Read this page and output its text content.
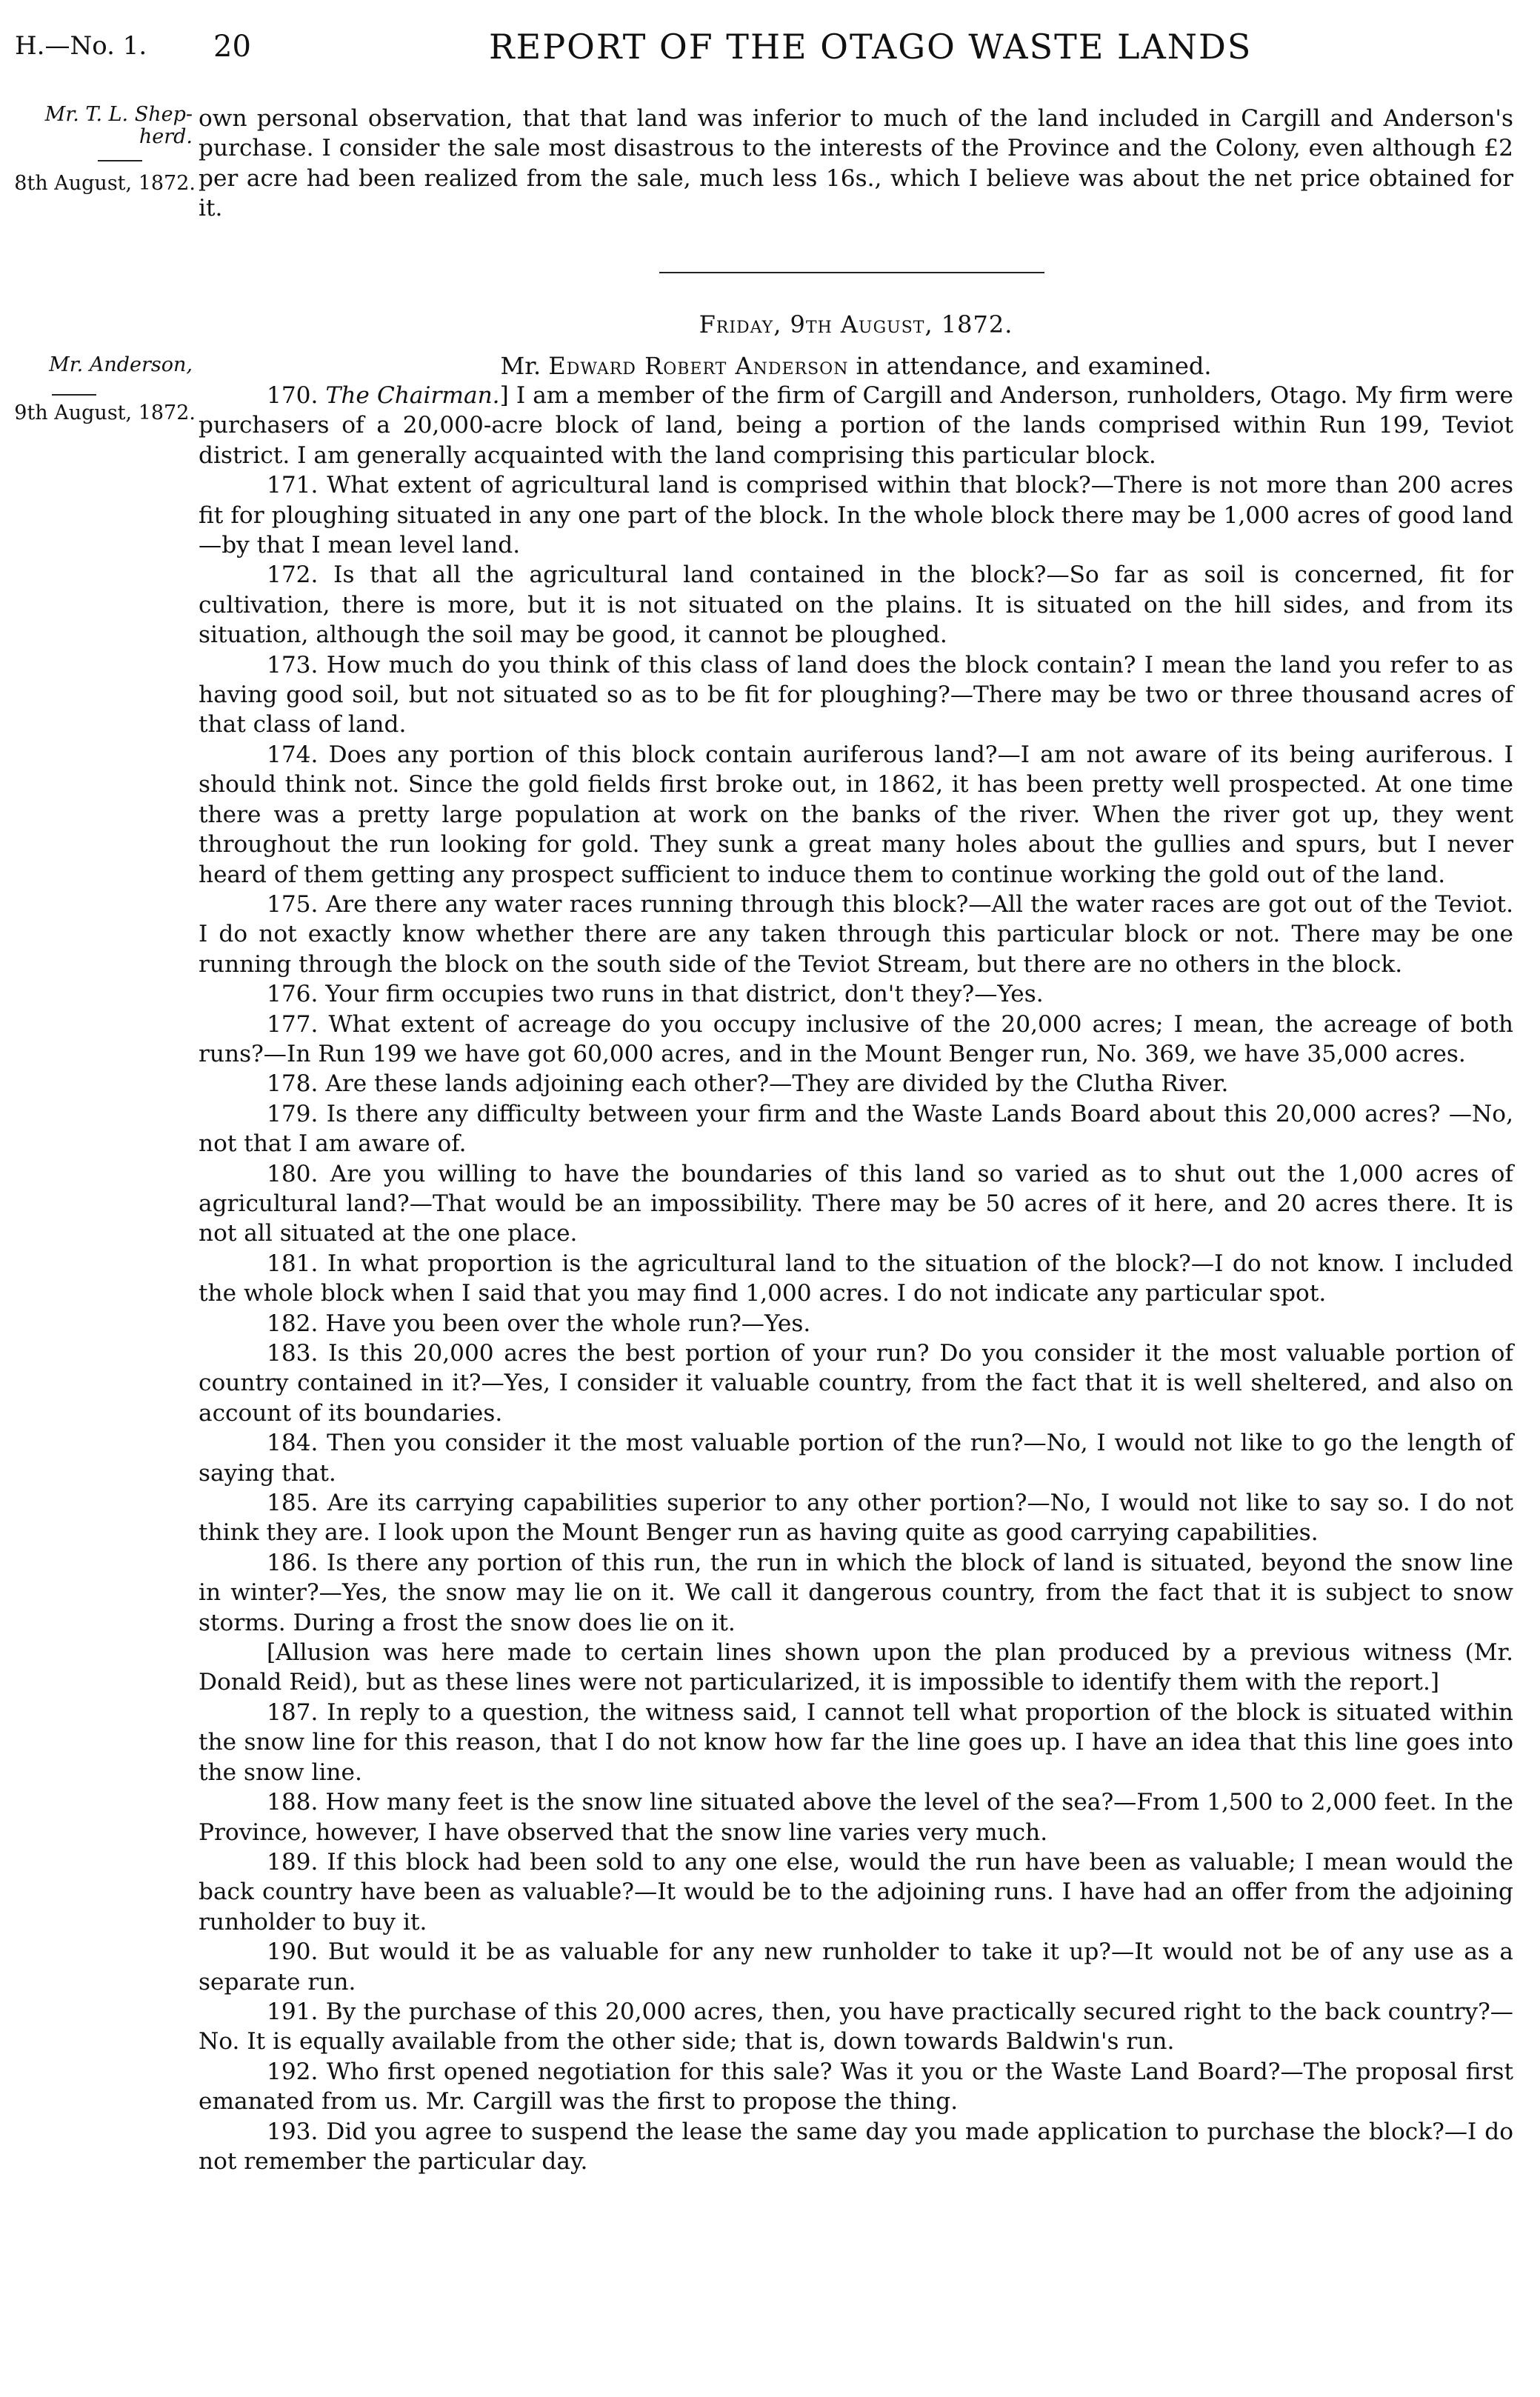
H.—No. 1. 20	REPORT OF THE OTAGO WASTE LANDS
Mr. T. L. Shep-herd.
8th August, 1872.

own personal observation, that that land was inferior to much of the land included in Cargill and Anderson's purchase. I consider the sale most disastrous to the interests of the Province and the Colony, even although £2 per acre had been realized from the sale, much less 16s., which I believe was about the net price obtained for it.

Friday, 9th August, 1872.
Mr. Edward Robert Anderson in attendance, and examined.
Mr. Anderson,
9th August, 1872.

170. The Chairman.] I am a member of the firm of Cargill and Anderson, runholders, Otago. My firm were purchasers of a 20,000-acre block of land, being a portion of the lands comprised within Run 199, Teviot district. I am generally acquainted with the land comprising this particular block.

171. What extent of agricultural land is comprised within that block?—There is not more than 200 acres fit for ploughing situated in any one part of the block. In the whole block there may be 1,000 acres of good land—by that I mean level land.

172. Is that all the agricultural land contained in the block?—So far as soil is concerned, fit for cultivation, there is more, but it is not situated on the plains. It is situated on the hill sides, and from its situation, although the soil may be good, it cannot be ploughed.

173. How much do you think of this class of land does the block contain? I mean the land you refer to as having good soil, but not situated so as to be fit for ploughing?—There may be two or three thousand acres of that class of land.

174. Does any portion of this block contain auriferous land?—I am not aware of its being auriferous. I should think not. Since the gold fields first broke out, in 1862, it has been pretty well prospected. At one time there was a pretty large population at work on the banks of the river. When the river got up, they went throughout the run looking for gold. They sunk a great many holes about the gullies and spurs, but I never heard of them getting any prospect sufficient to induce them to continue working the gold out of the land.

175. Are there any water races running through this block?—All the water races are got out of the Teviot. I do not exactly know whether there are any taken through this particular block or not. There may be one running through the block on the south side of the Teviot Stream, but there are no others in the block.

176. Your firm occupies two runs in that district, don't they?—Yes.

177. What extent of acreage do you occupy inclusive of the 20,000 acres; I mean, the acreage of both runs?—In Run 199 we have got 60,000 acres, and in the Mount Benger run, No. 369, we have 35,000 acres.

178. Are these lands adjoining each other?—They are divided by the Clutha River.

179. Is there any difficulty between your firm and the Waste Lands Board about this 20,000 acres? —No, not that I am aware of.

180. Are you willing to have the boundaries of this land so varied as to shut out the 1,000 acres of agricultural land?—That would be an impossibility. There may be 50 acres of it here, and 20 acres there. It is not all situated at the one place.

181. In what proportion is the agricultural land to the situation of the block?—I do not know. I included the whole block when I said that you may find 1,000 acres. I do not indicate any particular spot.

182. Have you been over the whole run?—Yes.

183. Is this 20,000 acres the best portion of your run? Do you consider it the most valuable portion of country contained in it?—Yes, I consider it valuable country, from the fact that it is well sheltered, and also on account of its boundaries.

184. Then you consider it the most valuable portion of the run?—No, I would not like to go the length of saying that.

185. Are its carrying capabilities superior to any other portion?—No, I would not like to say so. I do not think they are. I look upon the Mount Benger run as having quite as good carrying capabilities.

186. Is there any portion of this run, the run in which the block of land is situated, beyond the snow line in winter?—Yes, the snow may lie on it. We call it dangerous country, from the fact that it is subject to snow storms. During a frost the snow does lie on it.

[Allusion was here made to certain lines shown upon the plan produced by a previous witness (Mr. Donald Reid), but as these lines were not particularized, it is impossible to identify them with the report.]

187. In reply to a question, the witness said, I cannot tell what proportion of the block is situated within the snow line for this reason, that I do not know how far the line goes up. I have an idea that this line goes into the snow line.

188. How many feet is the snow line situated above the level of the sea?—From 1,500 to 2,000 feet. In the Province, however, I have observed that the snow line varies very much.

189. If this block had been sold to any one else, would the run have been as valuable; I mean would the back country have been as valuable?—It would be to the adjoining runs. I have had an offer from the adjoining runholder to buy it.

190. But would it be as valuable for any new runholder to take it up?—It would not be of any use as a separate run.

191. By the purchase of this 20,000 acres, then, you have practically secured right to the back country?—No. It is equally available from the other side; that is, down towards Baldwin's run.

192. Who first opened negotiation for this sale? Was it you or the Waste Land Board?—The proposal first emanated from us. Mr. Cargill was the first to propose the thing.

193. Did you agree to suspend the lease the same day you made application to purchase the block?—I do not remember the particular day.
